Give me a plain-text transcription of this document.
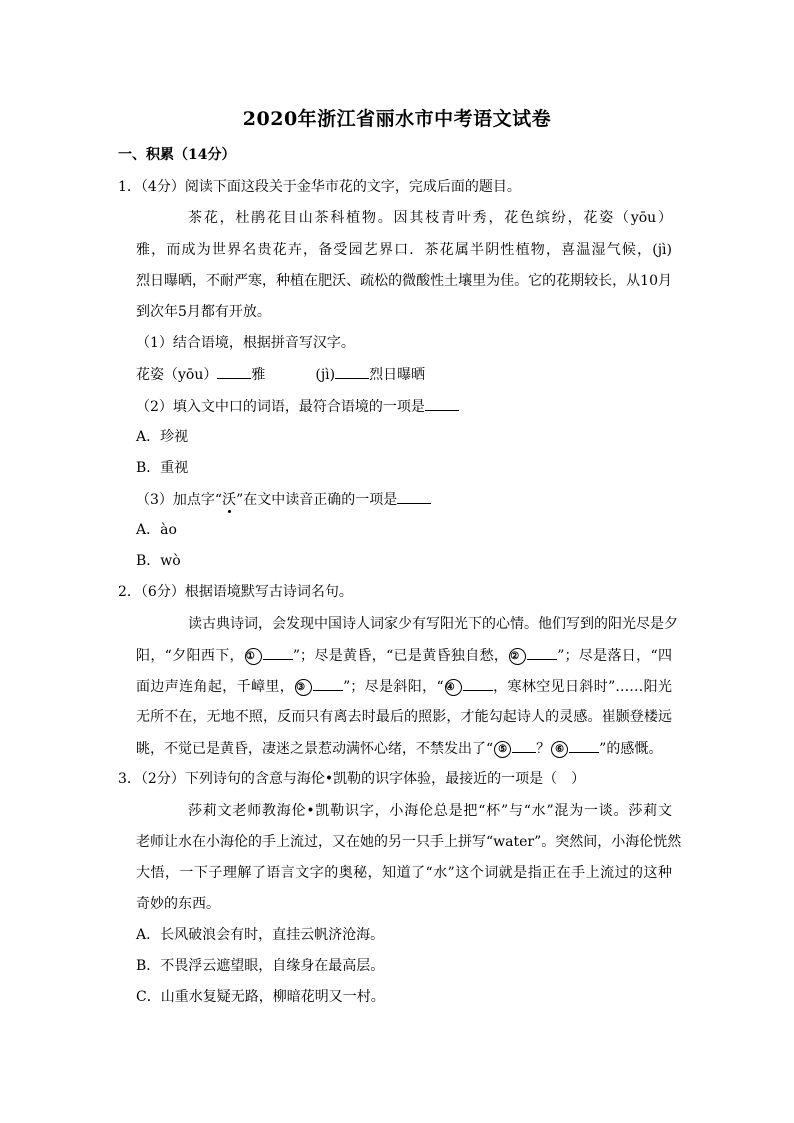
2020年浙江省丽水市中考语文试卷
一、积累（14分）
1．（4分）阅读下面这段关于金华市花的文字，完成后面的题目。
茶花，杜鹃花目山茶科植物。因其枝青叶秀，花色缤纷，花姿（yōu）
雅，而成为世界名贵花卉，备受园艺界口．茶花属半阴性植物，喜温湿气候，(jì)
烈日曝晒，不耐严寒，种植在肥沃、疏松的微酸性土壤里为佳。它的花期较长，从10月
到次年5月都有开放。
（1）结合语境，根据拼音写汉字。
花姿（yōu） 雅	(jì) 烈日曝晒
（2）填入文中口的词语，最符合语境的一项是
A．珍视
B．重视
（3）加点字“沃”在文中读音正确的一项是
A．ào
B．wò
2．（6分）根据语境默写古诗词名句。
读古典诗词，会发现中国诗人词家少有写阳光下的心情。他们写到的阳光尽是夕
阳，“夕阳西下， ①	”；尽是黄昏，“已是黄昏独自愁， ②	”；尽是落日，“四
面边声连角起，千嶂里， ③	”；尽是斜阳，“ ④	，寒林空见日斜时”……阳光
无所不在，无地不照，反而只有离去时最后的照影，才能勾起诗人的灵感。崔颢登楼远
眺，不觉已是黄昏，凄迷之景惹动满怀心绪，不禁发出了“ ⑤ ？ ⑥	”的感慨。
3．（2分）下列诗句的含意与海伦•凯勒的识字体验，最接近的一项是（　）
莎莉文老师教海伦•凯勒识字，小海伦总是把“杯”与“水”混为一谈。莎莉文
老师让水在小海伦的手上流过，又在她的另一只手上拼写“water”。突然间，小海伦恍然
大悟，一下子理解了语言文字的奥秘，知道了“水”这个词就是指正在手上流过的这种
奇妙的东西。
A．长风破浪会有时，直挂云帆济沧海。
B．不畏浮云遮望眼，自缘身在最高层。
C．山重水复疑无路，柳暗花明又一村。
